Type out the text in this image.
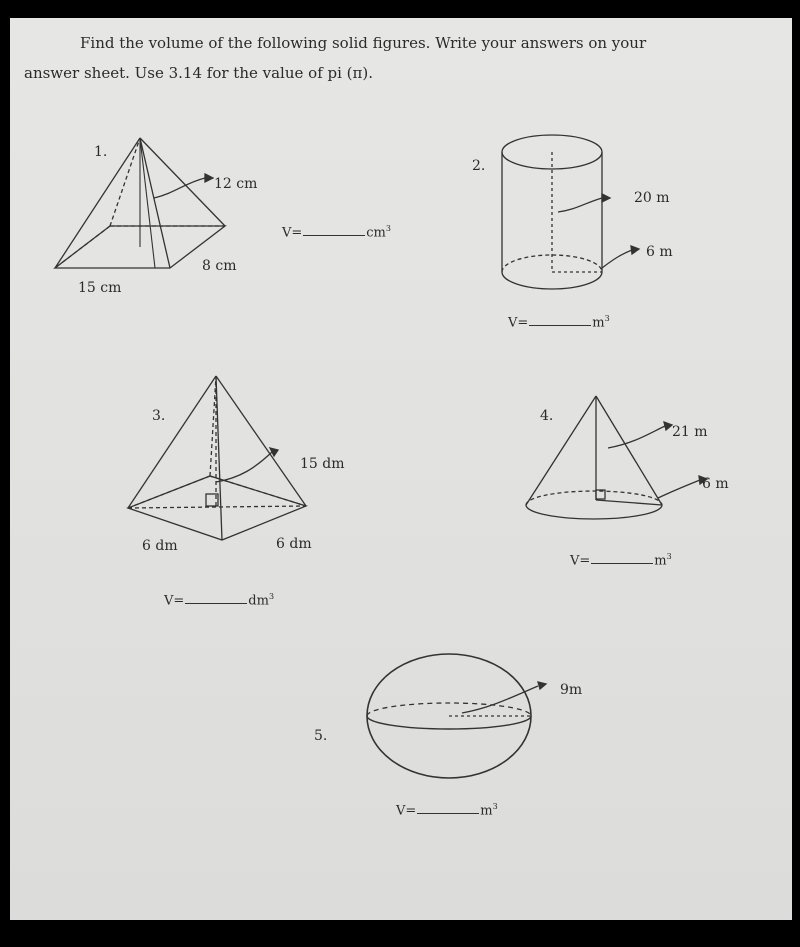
Find the volume of the following solid figures. Write your answers on your
answer sheet. Use 3.14 for the value of pi (π).
1.
12 cm
8 cm
15 cm
V=	$cm^3$
2.
20 m
6 m
V=	$m^3$
3.
15 dm
6 dm	6 dm
V=	$dm^3$
4.
21 m
6 m
V=	$m^3$
5.
9m
V=	$m^3$
